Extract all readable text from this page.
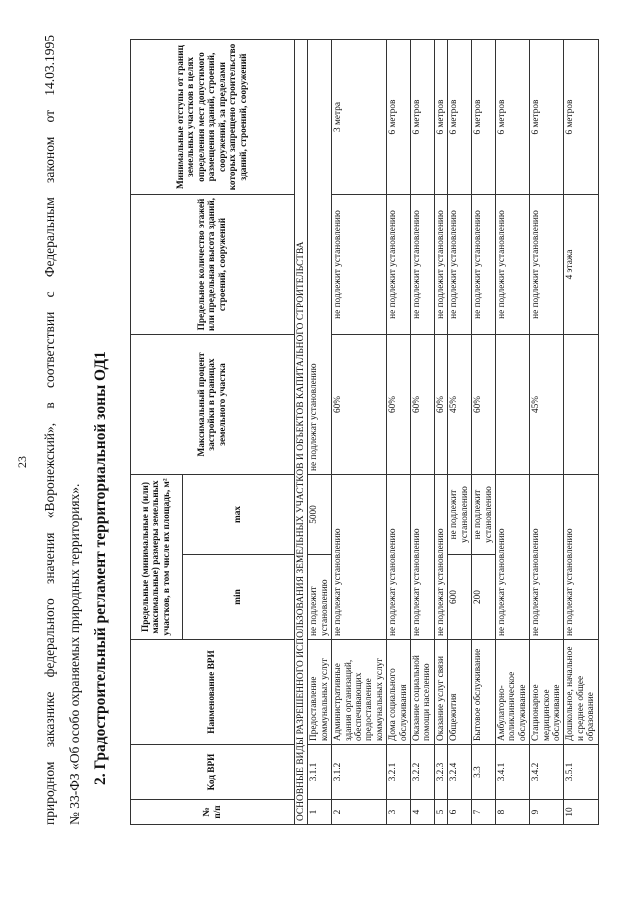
23 природном заказнике федерального значения «Воронежский», в соответствии с Федеральным законом от 14.03.1995 № 33-ФЗ «Об особо охраняемых природных территориях». 2. Градостроительный регламент территориальной зоны ОД1
№ п/п	Код ВРИ	Наименование ВРИ	Предельные (минимальные и (или) максимальные) размеры земельных участков, в том числе их площадь, м²		Максимальный процент застройки в границах земельного участка	Предельное количество этажей или предельная высота зданий, строений, сооружений	Минимальные отступы от границ земельных участков в целях определения мест допустимого размещения зданий, строений, сооружений, за пределами которых запрещено строительство зданий, строений, сооружений
			min	max			
ОСНОВНЫЕ ВИДЫ РАЗРЕШЕННОГО ИСПОЛЬЗОВАНИЯ ЗЕМЕЛЬНЫХ УЧАСТКОВ И ОБЪЕКТОВ КАПИТАЛЬНОГО СТРОИТЕЛЬСТВА							
1	3.1.1	Предоставление коммунальных услуг	не подлежит установлению	5000	не подлежат установлению		
2	3.1.2	Административные здания организаций, обеспечивающих предоставление коммунальных услуг	не подлежат установлению		60%	не подлежит установлению	3 метра
3	3.2.1	Дома социального обслуживания	не подлежат установлению		60%	не подлежит установлению	6 метров
4	3.2.2	Оказание социальной помощи населению	не подлежат установлению		60%	не подлежит установлению	6 метров
5	3.2.3	Оказание услуг связи	не подлежат установлению		60%	не подлежит установлению	6 метров
6	3.2.4	Общежития	600	не подлежит установлению	45%	не подлежит установлению	6 метров
7	3.3	Бытовое обслуживание	200	не подлежит установлению	60%	не подлежит установлению	6 метров
8	3.4.1	Амбулаторно-поликлиническое обслуживание	не подлежат установлению			не подлежит установлению	6 метров
9	3.4.2	Стационарное медицинское обслуживание	не подлежат установлению		45%	не подлежит установлению	6 метров
10	3.5.1	Дошкольное, начальное и среднее общее образование	не подлежат установлению			4 этажа	6 метров
